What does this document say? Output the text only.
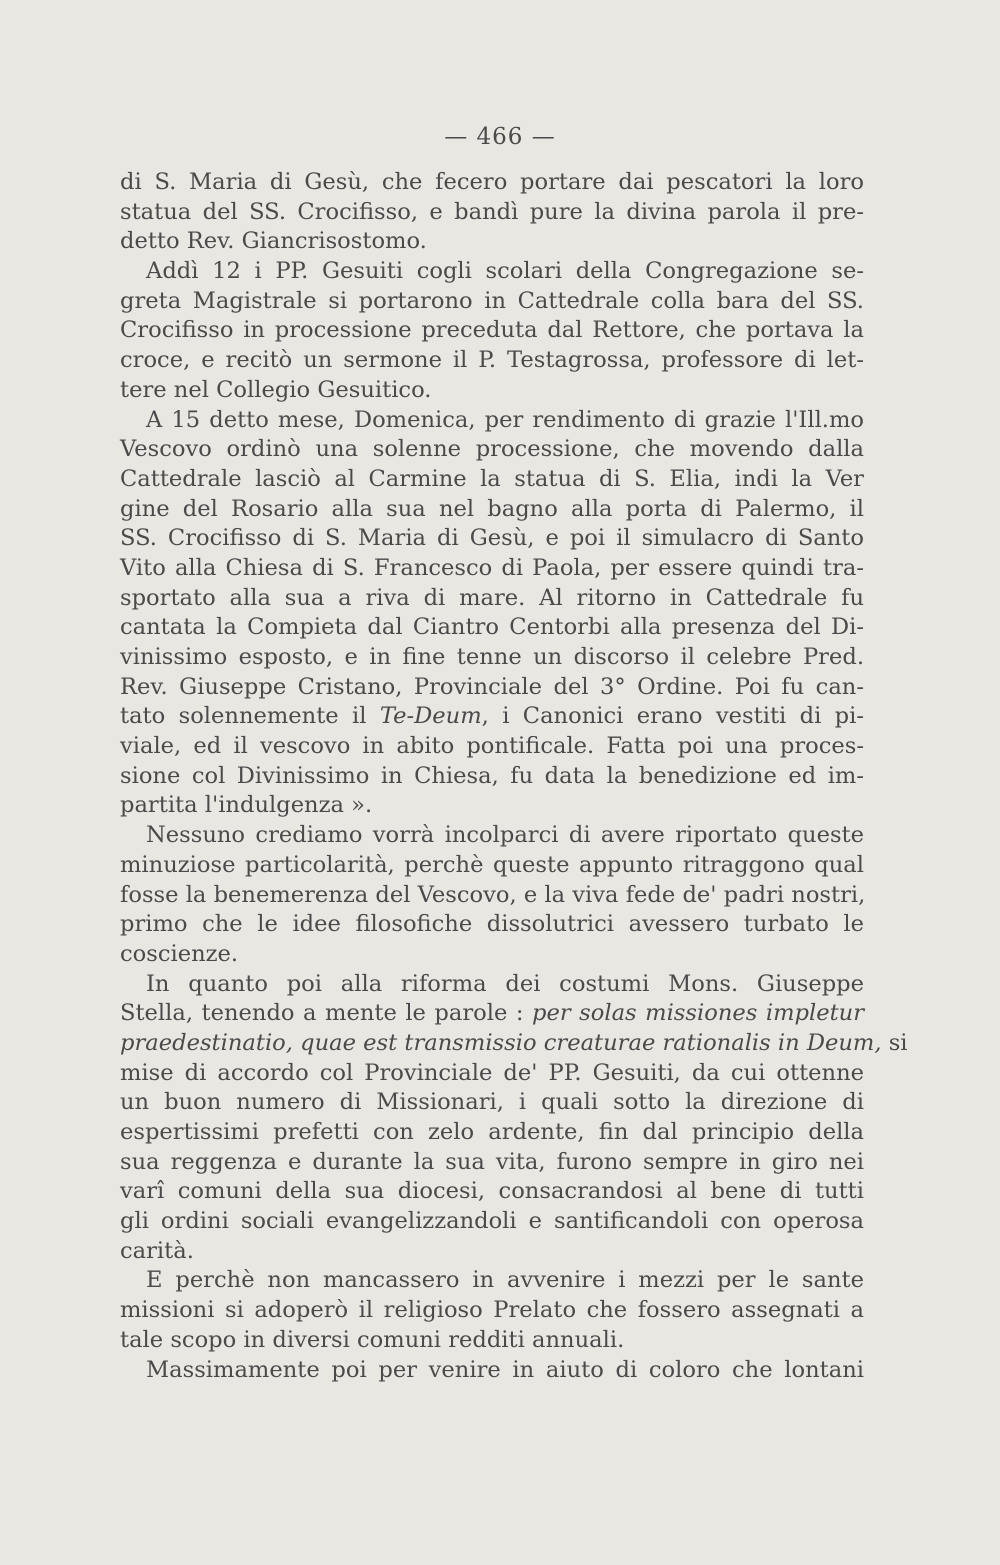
— 466 —
di S. Maria di Gesù, che fecero portare dai pescatori la loro
statua del SS. Crocifisso, e bandì pure la divina parola il pre-
detto Rev. Giancrisostomo.
Addì 12 i PP. Gesuiti cogli scolari della Congregazione se-
greta Magistrale si portarono in Cattedrale colla bara del SS.
Crocifisso in processione preceduta dal Rettore, che portava la
croce, e recitò un sermone il P. Testagrossa, professore di let-
tere nel Collegio Gesuitico.
A 15 detto mese, Domenica, per rendimento di grazie l'Ill.mo
Vescovo ordinò una solenne processione, che movendo dalla
Cattedrale lasciò al Carmine la statua di S. Elia, indi la Ver
gine del Rosario alla sua nel bagno alla porta di Palermo, il
SS. Crocifisso di S. Maria di Gesù, e poi il simulacro di Santo
Vito alla Chiesa di S. Francesco di Paola, per essere quindi tra-
sportato alla sua a riva di mare. Al ritorno in Cattedrale fu
cantata la Compieta dal Ciantro Centorbi alla presenza del Di-
vinissimo esposto, e in fine tenne un discorso il celebre Pred.
Rev. Giuseppe Cristano, Provinciale del 3° Ordine. Poi fu can-
tato solennemente il Te-Deum, i Canonici erano vestiti di pi-
viale, ed il vescovo in abito pontificale. Fatta poi una proces-
sione col Divinissimo in Chiesa, fu data la benedizione ed im-
partita l'indulgenza ».
Nessuno crediamo vorrà incolparci di avere riportato queste
minuziose particolarità, perchè queste appunto ritraggono qual
fosse la benemerenza del Vescovo, e la viva fede de' padri nostri,
primo che le idee filosofiche dissolutrici avessero turbato le
coscienze.
In quanto poi alla riforma dei costumi Mons. Giuseppe
Stella, tenendo a mente le parole : per solas missiones impletur
praedestinatio, quae est transmissio creaturae rationalis in Deum, si
mise di accordo col Provinciale de' PP. Gesuiti, da cui ottenne
un buon numero di Missionari, i quali sotto la direzione di
espertissimi prefetti con zelo ardente, fin dal principio della
sua reggenza e durante la sua vita, furono sempre in giro nei
varî comuni della sua diocesi, consacrandosi al bene di tutti
gli ordini sociali evangelizzandoli e santificandoli con operosa
carità.
E perchè non mancassero in avvenire i mezzi per le sante
missioni si adoperò il religioso Prelato che fossero assegnati a
tale scopo in diversi comuni redditi annuali.
Massimamente poi per venire in aiuto di coloro che lontani
